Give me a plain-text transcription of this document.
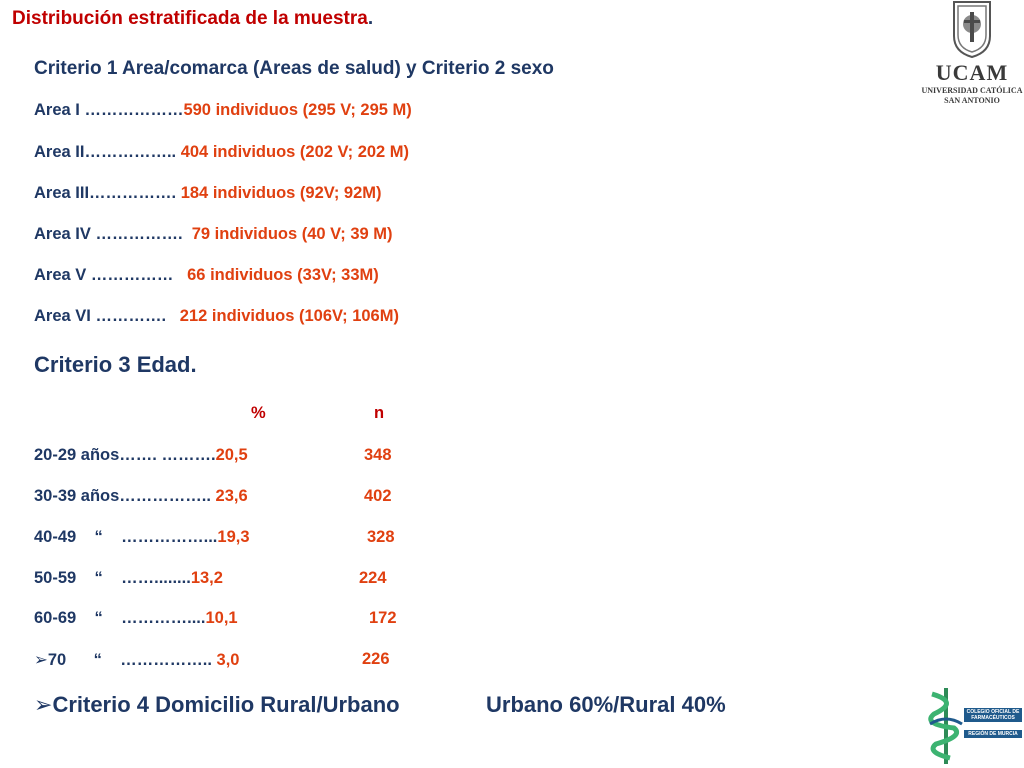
Distribución estratificada de la muestra.
Criterio 1 Area/comarca (Areas de salud) y Criterio 2 sexo
Area I ………………590 individuos (295 V; 295 M)
Area II…………….. 404 individuos (202 V; 202 M)
Area III……………. 184 individuos (92V; 92M)
Area IV …………….  79 individuos (40 V; 39 M)
Area V ……………   66 individuos (33V; 33M)
Area VI ………….   212 individuos (106V; 106M)
Criterio 3 Edad.
%	n
20-29 años……. ……….20,5	348
30-39 años…………….. 23,6	402
40-49    “    ……………...19,3	328
50-59    “    ……........13,2	224
60-69    “    …………....10,1	172
➢70      “    …………….. 3,0	226
➢Criterio 4 Domicilio Rural/Urbano	Urbano 60%/Rural 40%
UCAM
UNIVERSIDAD CATÓLICA
SAN ANTONIO
COLEGIO OFICIAL DE FARMACÉUTICOS
REGIÓN DE MURCIA
